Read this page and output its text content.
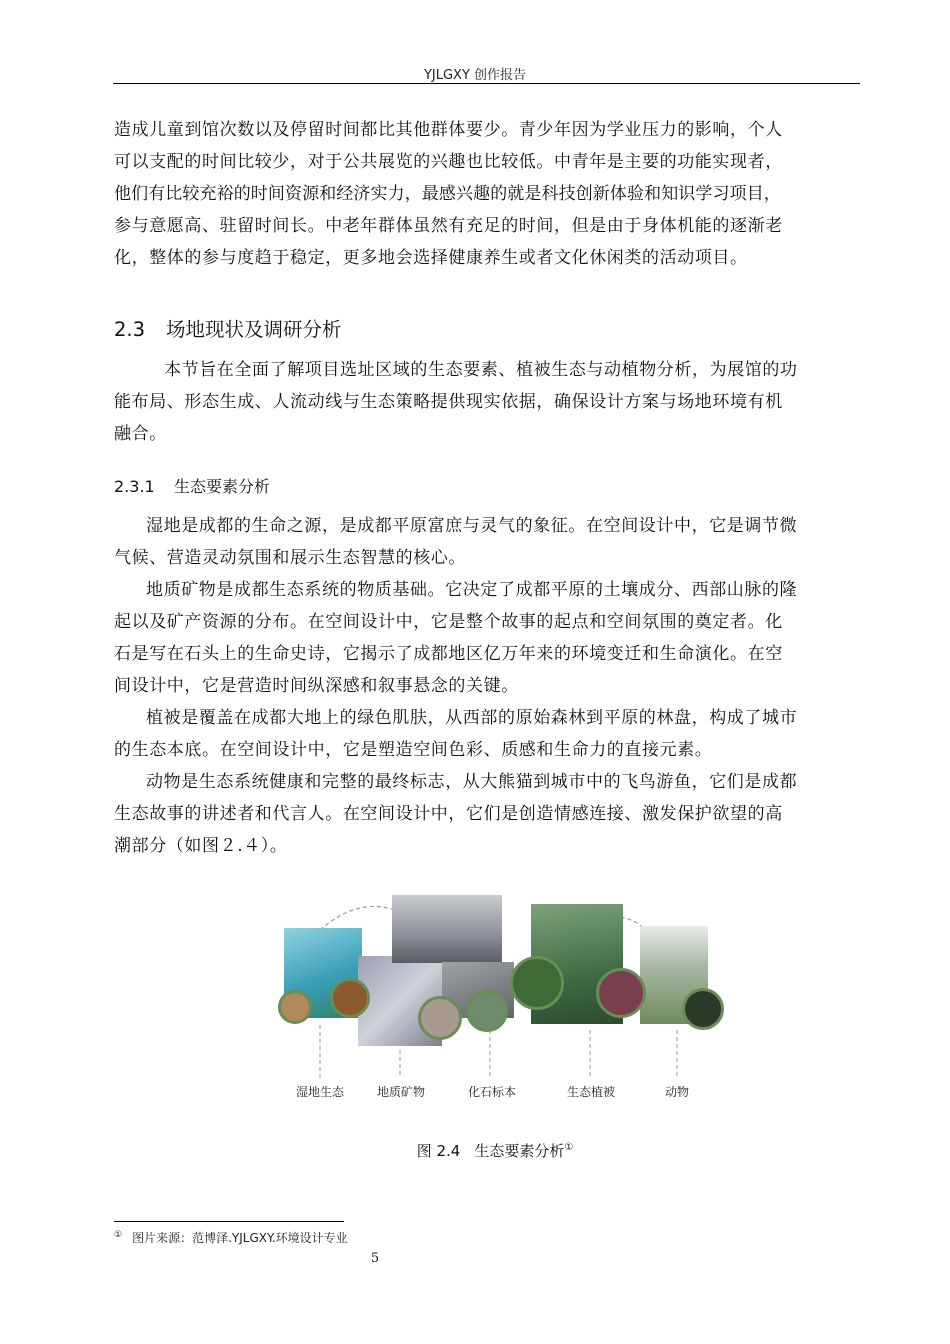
YJLGXY 创作报告
造成儿童到馆次数以及停留时间都比其他群体要少。青少年因为学业压力的影响，个人
可以支配的时间比较少，对于公共展览的兴趣也比较低。中青年是主要的功能实现者，
他们有比较充裕的时间资源和经济实力，最感兴趣的就是科技创新体验和知识学习项目，
参与意愿高、驻留时间长。中老年群体虽然有充足的时间，但是由于身体机能的逐渐老
化，整体的参与度趋于稳定，更多地会选择健康养生或者文化休闲类的活动项目。
2.3 场地现状及调研分析
本节旨在全面了解项目选址区域的生态要素、植被生态与动植物分析，为展馆的功
能布局、形态生成、人流动线与生态策略提供现实依据，确保设计方案与场地环境有机
融合。
2.3.1 生态要素分析
湿地是成都的生命之源，是成都平原富庶与灵气的象征。在空间设计中，它是调节微
气候、营造灵动氛围和展示生态智慧的核心。
地质矿物是成都生态系统的物质基础。它决定了成都平原的土壤成分、西部山脉的隆
起以及矿产资源的分布。在空间设计中，它是整个故事的起点和空间氛围的奠定者。化
石是写在石头上的生命史诗，它揭示了成都地区亿万年来的环境变迁和生命演化。在空
间设计中，它是营造时间纵深感和叙事悬念的关键。
植被是覆盖在成都大地上的绿色肌肤，从西部的原始森林到平原的林盘，构成了城市
的生态本底。在空间设计中，它是塑造空间色彩、质感和生命力的直接元素。
动物是生态系统健康和完整的最终标志，从大熊猫到城市中的飞鸟游鱼，它们是成都
生态故事的讲述者和代言人。在空间设计中，它们是创造情感连接、激发保护欲望的高
潮部分（如图２.４）。
湿地生态	地质矿物	化石标本	生态植被	动物
图 2.4 生态要素分析①
① 图片来源：范博泽.YJLGXY.环境设计专业
5
